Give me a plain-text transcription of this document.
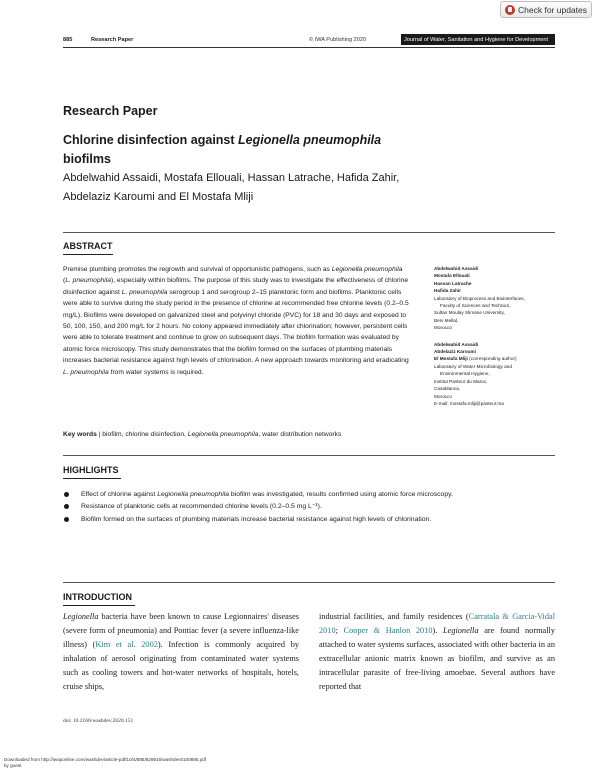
Check for updates
885	Research Paper	© IWA Publishing 2020	Journal of Water, Sanitation and Hygiene for Development 10.4 2020
Research Paper
Chlorine disinfection against Legionella pneumophila
biofilms
Abdelwahid Assaidi, Mostafa Ellouali, Hassan Latrache, Hafida Zahir,
Abdelaziz Karoumi and El Mostafa Mliji
ABSTRACT
Premise plumbing promotes the regrowth and survival of opportunistic pathogens, such as Legionella pneumophila (L. pneumophila), especially within biofilms. The purpose of this study was to investigate the effectiveness of chlorine disinfection against L. pneumophila serogroup 1 and serogroup 2–15 planktonic form and biofilms. Planktonic cells were able to survive during the study period in the presence of chlorine at recommended free chlorine levels (0.2–0.5 mg/L). Biofilms were developed on galvanized steel and polyvinyl chloride (PVC) for 18 and 30 days and exposed to 50, 100, 150, and 200 mg/L for 2 hours. No colony appeared immediately after chlorination; however, persistent cells were able to tolerate treatment and continue to grow on subsequent days. The biofilm formation was evaluated by atomic force microscopy. This study demonstrates that the biofilm formed on the surfaces of plumbing materials increases bacterial resistance against high levels of chlorination. A new approach towards monitoring and eradicating L. pneumophila from water systems is required.
Key words | biofilm, chlorine disinfection, Legionella pneumophila, water distribution networks
Abdelwahid Assaidi
Mostafa Ellouali
Hassan Latrache
Hafida Zahir
Laboratory of Bioprocess and Biointerfaces,
Faculty of Sciences and Technics,
Sultan Moulay Slimane University,
Beni Mellal,
Morocco
Abdelwahid Assaidi
Abdelaziz Karoumi
El Mostafa Mliji (corresponding author)
Laboratory of Water Microbiology and
Environmental Hygiene,
Institut Pasteur du Maroc,
Casablanca,
Morocco
E-mail: mostafa.mliji@pasteur.ma
HIGHLIGHTS
Effect of chlorine against Legionella pneumophila biofilm was investigated, results confirmed using atomic force microscopy.
Resistance of planktonic cells at recommended chlorine levels (0.2–0.5 mg L⁻¹).
Biofilm formed on the surfaces of plumbing materials increase bacterial resistance against high levels of chlorination.
INTRODUCTION
Legionella bacteria have been known to cause Legionnaires' diseases (severe form of pneumonia) and Pontiac fever (a severe influenza-like illness) (Kim et al. 2002). Infection is commonly acquired by inhalation of aerosol originating from contaminated water systems such as cooling towers and hot-water networks of hospitals, hotels, cruise ships,
industrial facilities, and family residences (Carratala & Garcia-Vidal 2010; Cooper & Hanlon 2010). Legionella are found normally attached to water systems surfaces, associated with other bacteria in an extracellular anionic matrix known as biofilm, and survive as an intracellular parasite of free-living amoebae. Several authors have reported that
doi: 10.2166/washdev.2020.151
Downloaded from http://iwaponline.com/washdev/article-pdf/10/4/885/828915/washdev0100885.pdf
by guest
